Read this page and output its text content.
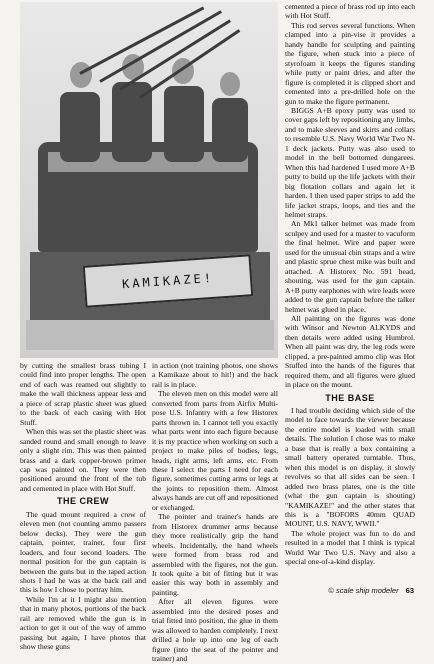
KAMIKAZE!

by cutting the smallest brass tubing I could find into proper lengths. The open end of each was reamed out slightly to make the wall thickness appear less and a piece of scrap plastic sheet was glued to the back of each casing with Hot Stuff.

When this was set the plastic sheet was sanded round and small enough to leave only a slight rim. This was then painted brass and a dark copper-brown primer cap was painted on. They were then positioned around the front of the tub and cemented in place with Hot Stuff.

THE CREW

The quad mount required a crew of eleven men (not counting ammo passers below decks). They were the gun captain, pointer, trainer, four first loaders, and four second loaders. The normal position for the gun captain is between the guns but in the taped action shots I had he was at the back rail and this is how I chose to portray him.

While I'm at it I might also mention that in many photos, portions of the back rail are removed while the gun is in action to get it out of the way of ammo passing but again, I have photos that show these guns

in action (not training photos, one shows a Kamikaze about to hit!) and the back rail is in place.

The eleven men on this model were all converted from parts from Airfix Multi-pose U.S. Infantry with a few Historex parts thrown in. I cannot tell you exactly what parts went into each figure because it is my practice when working on such a project to make piles of bodies, legs, heads, right arms, left arms, etc. From these I select the parts I need for each figure, sometimes cutting arms or legs at the joints to reposition them. Almost always hands are cut off and repositioned or exchanged.

The pointer and trainer's hands are from Historex drummer arms because they more realistically grip the hand wheels. Incidentally, the hand wheels were formed from brass rod and assembled with the figures, not the gun. It took quite a bit of fitting but it was easier this way both in assembly and painting.

After all eleven figures were assembled into the desired poses and trial fitted into position, the glue in them was allowed to harden completely. I next drilled a hole up into one leg of each figure (into the seat of the pointer and trainer) and

cemented a piece of brass rod up into each with Hot Stuff.

This rod serves several functions. When clamped into a pin-vise it provides a handy handle for sculpting and painting the figure, when stuck into a piece of styrofoam it keeps the figures standing while putty or paint dries, and after the figure is completed it is clipped short and cemented into a pre-drilled hole on the gun to make the figure permanent.

BIGGS A+B epoxy putty was used to cover gaps left by repositioning any limbs, and to make sleeves and skirts and collars to resemble U.S. Navy World War Two N-1 deck jackets. Putty was also used to model in the bell bottomed dungarees. When this had hardened I used more A+B putty to build up the life jackets with their big flotation collars and again let it harden. I then used paper strips to add the life jacket straps, loops, and ties and the helmet straps.

An Mk1 talker helmet was made from sculpey and used for a master to vacuform the final helmet. Wire and paper were used for the unusual chin straps and a wire and plastic sprue chest mike was built and attached. A Historex No. 591 head, shouting, was used for the gun captain. A+B putty earphones with wire leads were added to the gun captain before the talker helmet was glued in place.

All painting on the figures was done with Winsor and Newton ALKYDS and then details were added using Humbrol. When all paint was dry, the leg rods were clipped, a pre-painted ammo clip was Hot Stuffed into the hands of the figures that required them, and all figures were glued in place on the mount.

THE BASE

I had trouble deciding which side of the model to face towards the viewer because the entire model is loaded with small details. The solution I chose was to make a base that is really a box containing a small battery operated turntable. Thus, when this model is on display, it slowly revolves so that all sides can be seen. I added two brass plates, one is the title (what the gun captain is shouting) "KAMIKAZE!" and the other states that this is a "BOFORS 40mm QUAD MOUNT, U.S. NAVY, WWII."

The whole project was fun to do and resulted in a model that I think is typical World War Two U.S. Navy and also a special one-of-a-kind display.

© scale ship modeler 63
